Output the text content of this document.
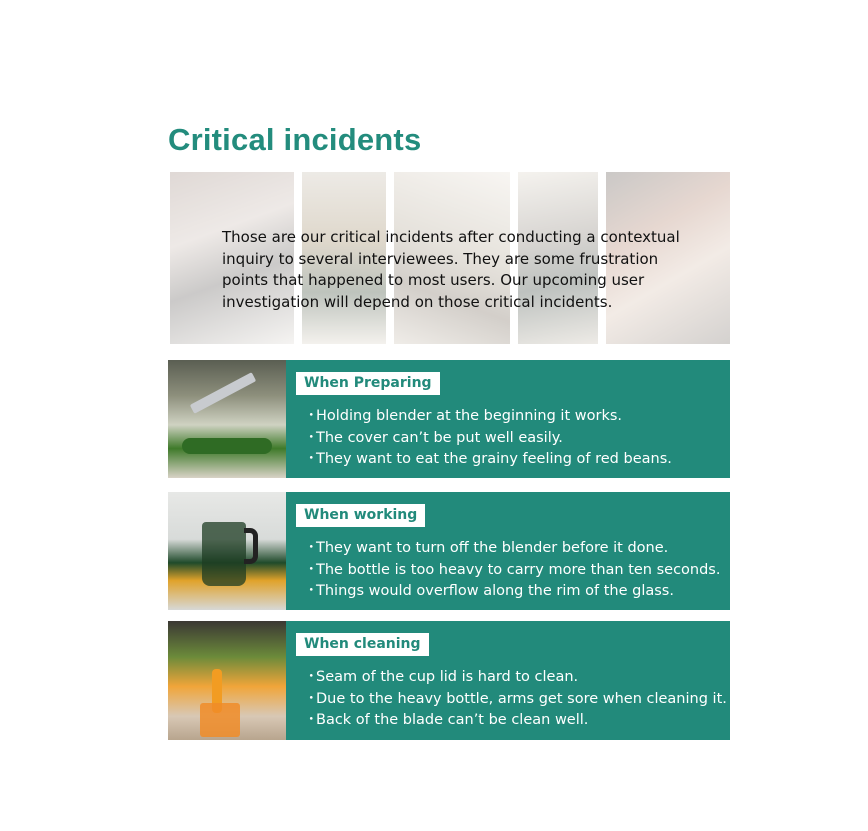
Critical incidents

Those are our critical incidents after conducting a contextual inquiry to several interviewees. They are some frustration points that happened to most users. Our upcoming user investigation will depend on those critical incidents.

When Preparing
・Holding blender at the beginning it works.
・The cover can’t be put well easily.
・They want to eat the grainy feeling of red beans.
When working
・They want to turn off the blender before it done.
・The bottle is too heavy to carry more than ten seconds.
・Things would overflow along the rim of the glass.
When cleaning
・Seam of the cup lid is hard to clean.
・Due to the heavy bottle, arms get sore when cleaning it.
・Back of the blade can’t be clean well.
